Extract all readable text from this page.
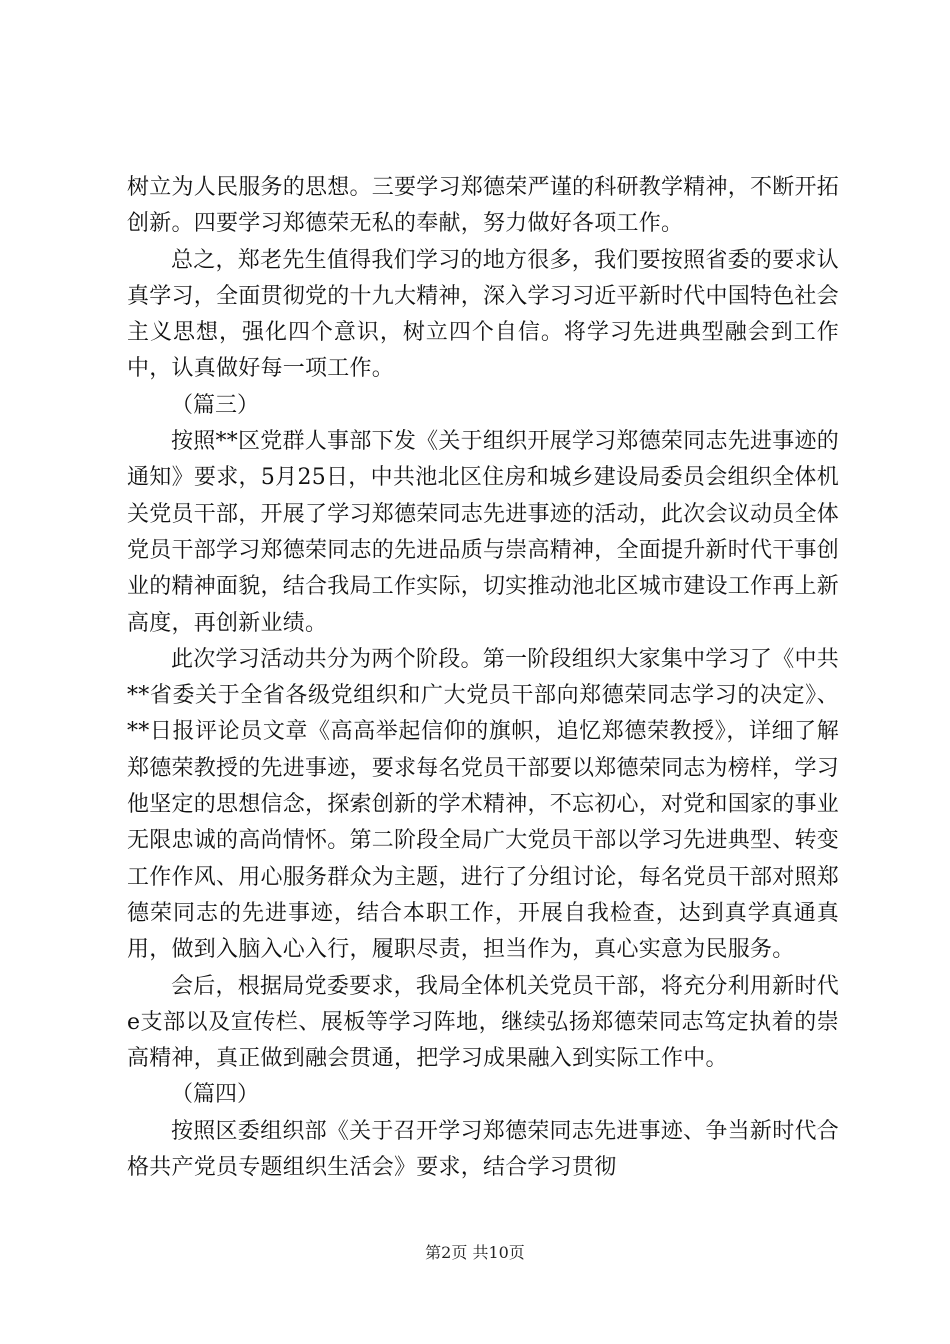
树立为人民服务的思想。三要学习郑德荣严谨的科研教学精神，不断开拓创新。四要学习郑德荣无私的奉献，努力做好各项工作。

总之，郑老先生值得我们学习的地方很多，我们要按照省委的要求认真学习，全面贯彻党的十九大精神，深入学习习近平新时代中国特色社会主义思想，强化四个意识，树立四个自信。将学习先进典型融会到工作中，认真做好每一项工作。

（篇三）

按照**区党群人事部下发《关于组织开展学习郑德荣同志先进事迹的通知》要求，5月25日，中共池北区住房和城乡建设局委员会组织全体机关党员干部，开展了学习郑德荣同志先进事迹的活动，此次会议动员全体党员干部学习郑德荣同志的先进品质与崇高精神，全面提升新时代干事创业的精神面貌，结合我局工作实际，切实推动池北区城市建设工作再上新高度，再创新业绩。

此次学习活动共分为两个阶段。第一阶段组织大家集中学习了《中共**省委关于全省各级党组织和广大党员干部向郑德荣同志学习的决定》、**日报评论员文章《高高举起信仰的旗帜，追忆郑德荣教授》，详细了解郑德荣教授的先进事迹，要求每名党员干部要以郑德荣同志为榜样，学习他坚定的思想信念，探索创新的学术精神，不忘初心，对党和国家的事业无限忠诚的高尚情怀。第二阶段全局广大党员干部以学习先进典型、转变工作作风、用心服务群众为主题，进行了分组讨论，每名党员干部对照郑德荣同志的先进事迹，结合本职工作，开展自我检查，达到真学真通真用，做到入脑入心入行，履职尽责，担当作为，真心实意为民服务。

会后，根据局党委要求，我局全体机关党员干部，将充分利用新时代e支部以及宣传栏、展板等学习阵地，继续弘扬郑德荣同志笃定执着的崇高精神，真正做到融会贯通，把学习成果融入到实际工作中。

（篇四）

按照区委组织部《关于召开学习郑德荣同志先进事迹、争当新时代合格共产党员专题组织生活会》要求，结合学习贯彻

第2页 共10页
